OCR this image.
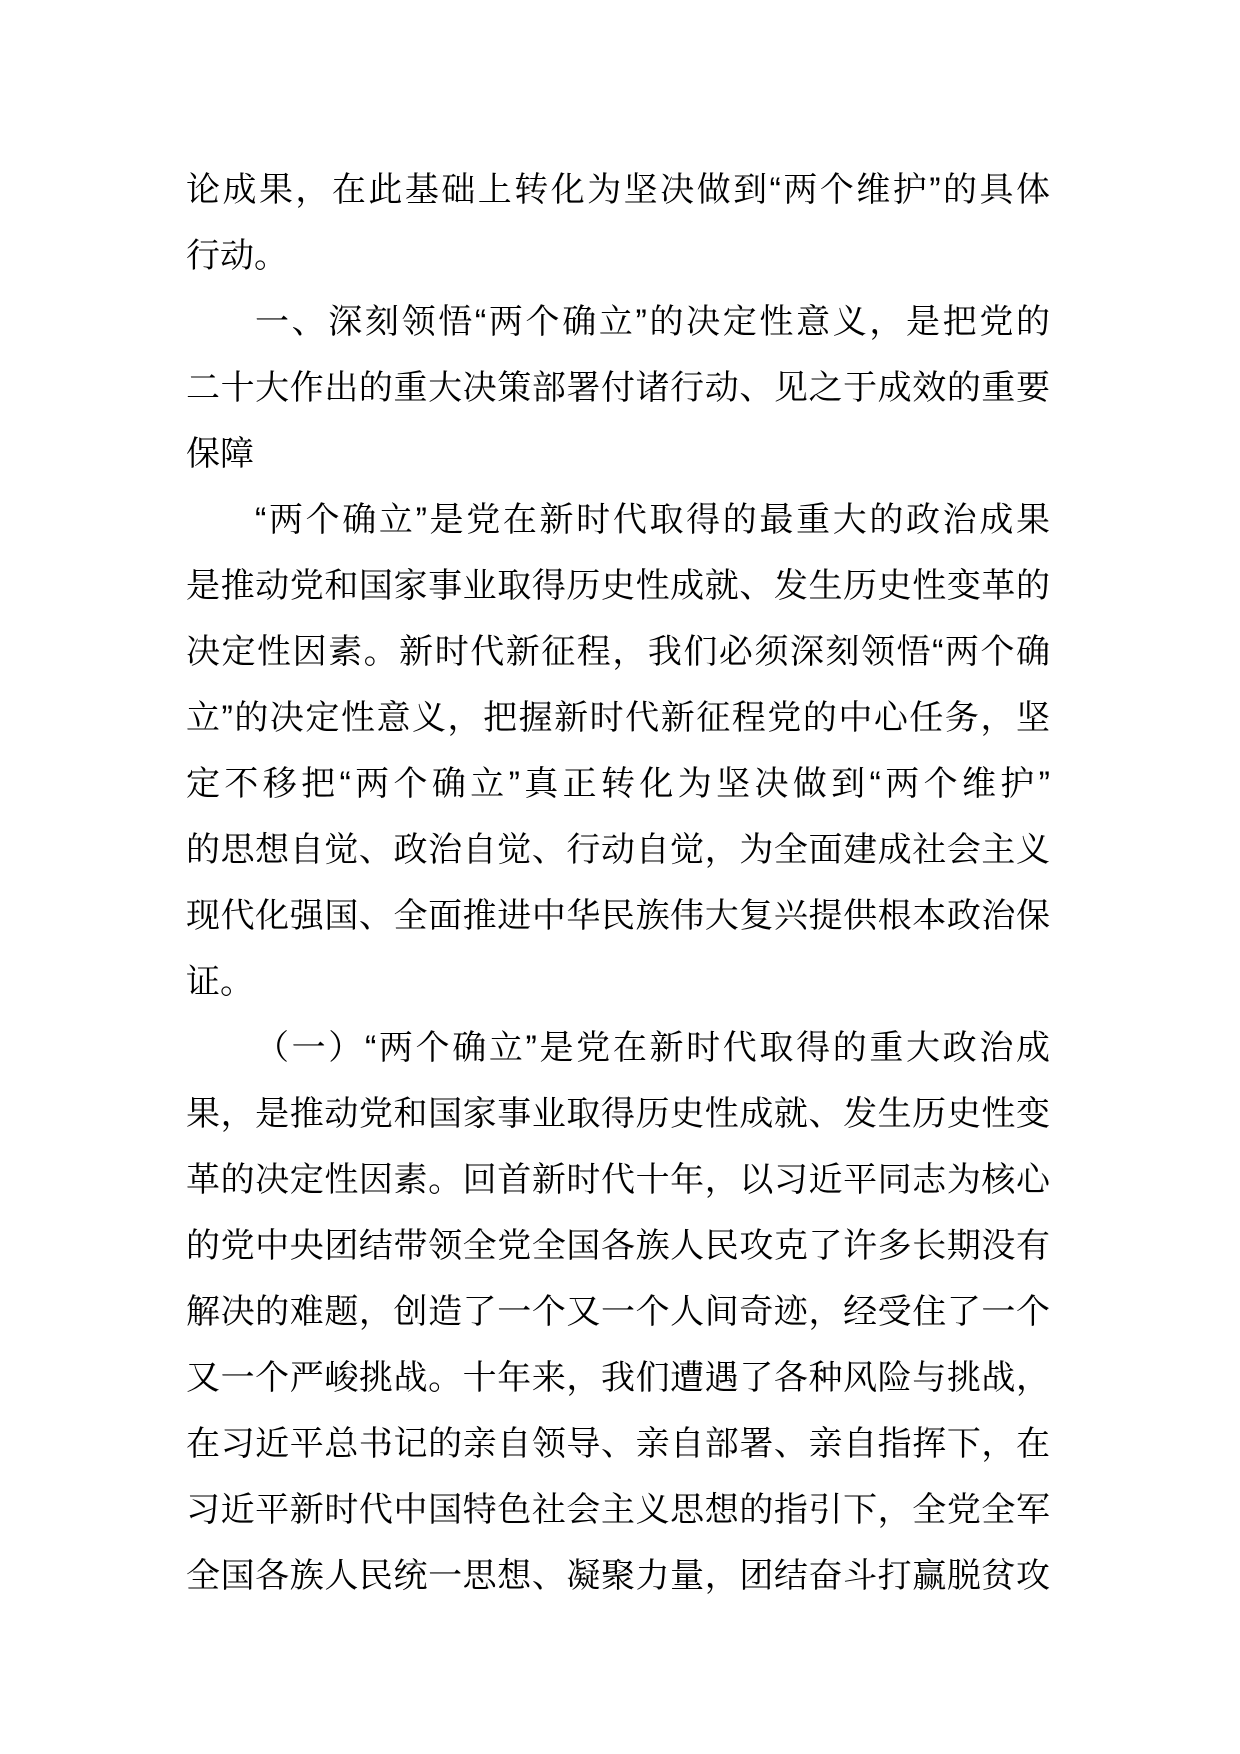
论成果，在此基础上转化为坚决做到“两个维护”的具体
行动。
一、深刻领悟“两个确立”的决定性意义，是把党的
二十大作出的重大决策部署付诸行动、见之于成效的重要
保障
“两个确立”是党在新时代取得的最重大的政治成果
是推动党和国家事业取得历史性成就、发生历史性变革的
决定性因素。新时代新征程，我们必须深刻领悟“两个确
立”的决定性意义，把握新时代新征程党的中心任务，坚
定不移把“两个确立”真正转化为坚决做到“两个维护”
的思想自觉、政治自觉、行动自觉，为全面建成社会主义
现代化强国、全面推进中华民族伟大复兴提供根本政治保
证。
（一）“两个确立”是党在新时代取得的重大政治成
果，是推动党和国家事业取得历史性成就、发生历史性变
革的决定性因素。回首新时代十年，以习近平同志为核心
的党中央团结带领全党全国各族人民攻克了许多长期没有
解决的难题，创造了一个又一个人间奇迹，经受住了一个
又一个严峻挑战。十年来，我们遭遇了各种风险与挑战，
在习近平总书记的亲自领导、亲自部署、亲自指挥下，在
习近平新时代中国特色社会主义思想的指引下，全党全军
全国各族人民统一思想、凝聚力量，团结奋斗打赢脱贫攻
